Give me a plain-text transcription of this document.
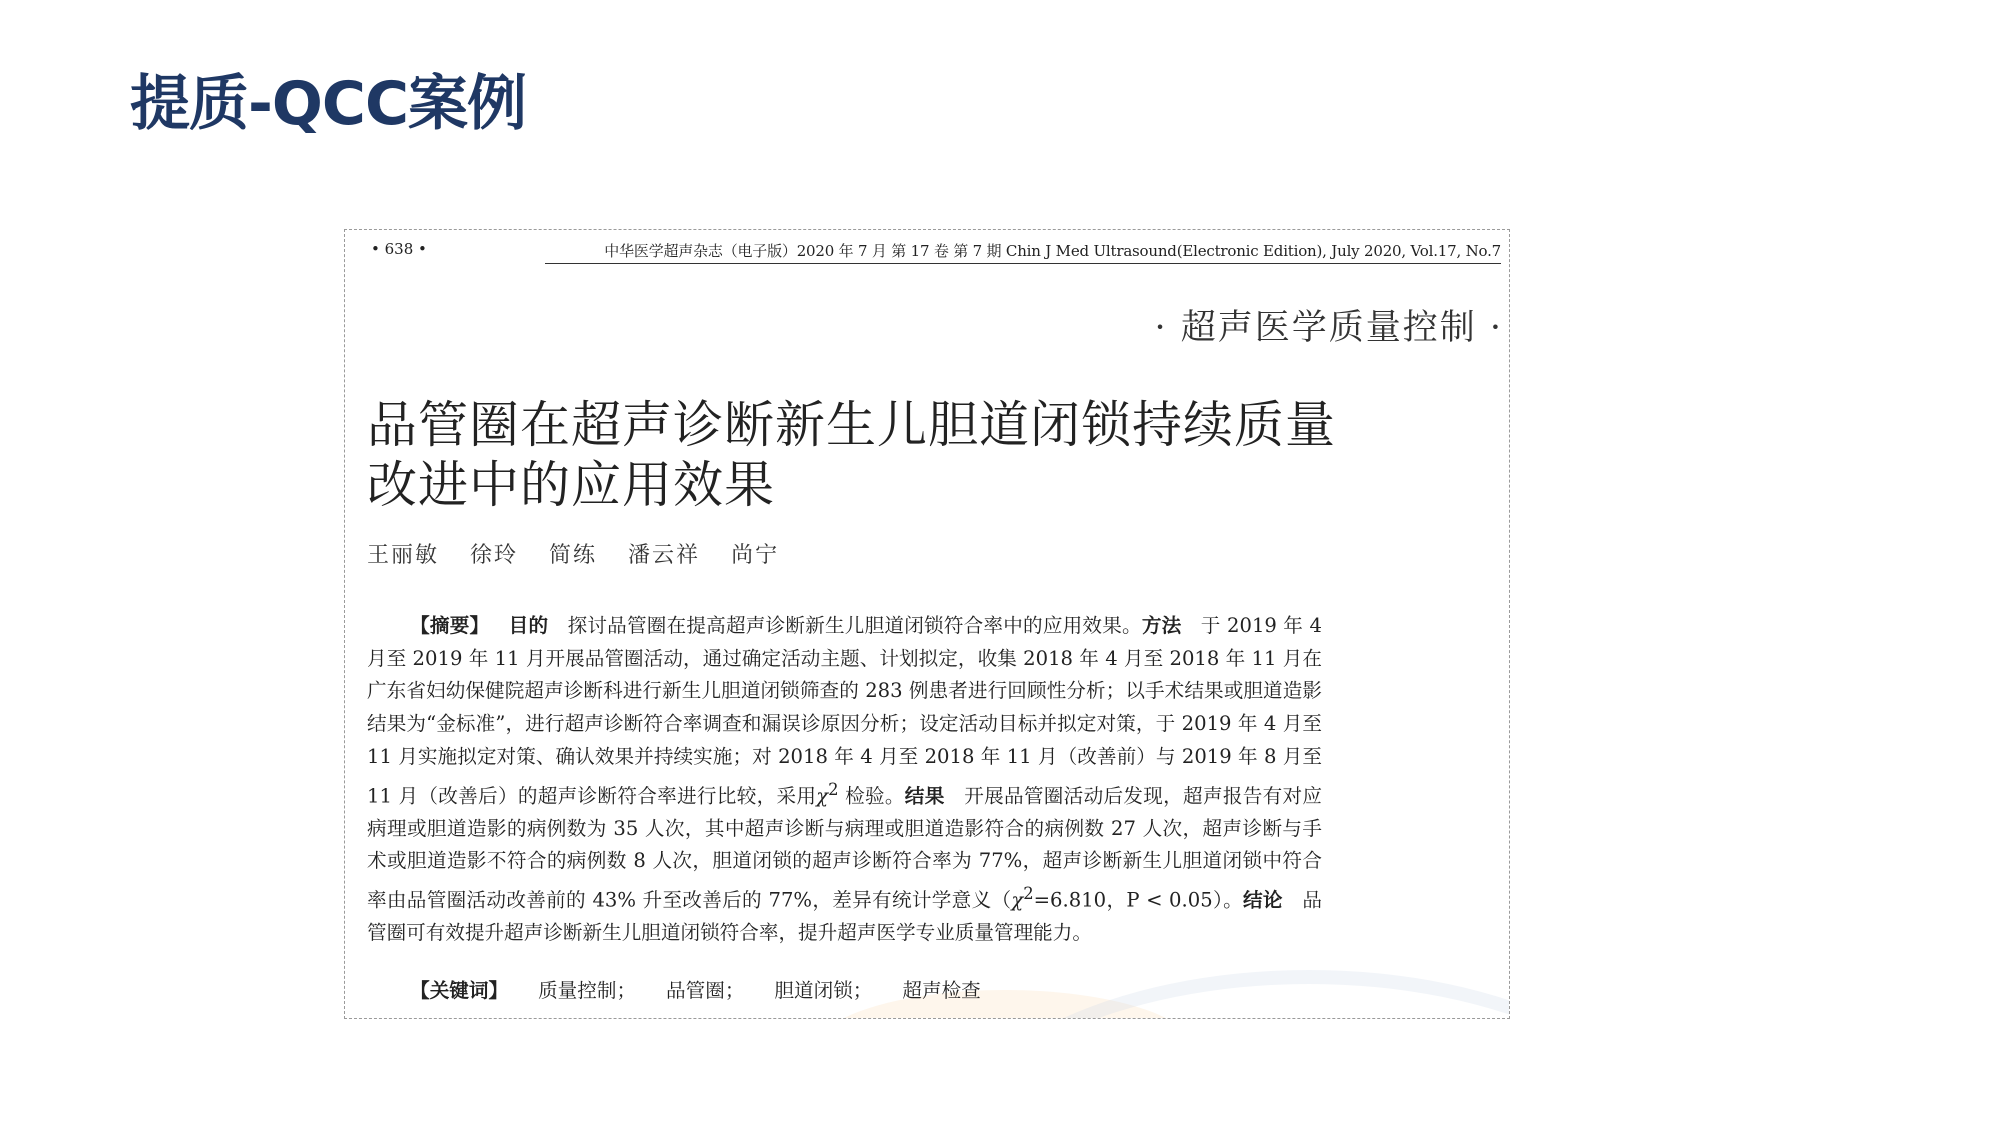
提质-QCC案例
• 638 •	中华医学超声杂志（电子版）2020 年 7 月 第 17 卷 第 7 期 Chin J Med Ultrasound(Electronic Edition), July 2020, Vol.17, No.7
· 超声医学质量控制 ·
品管圈在超声诊断新生儿胆道闭锁持续质量
改进中的应用效果
王丽敏 徐玲 简练 潘云祥 尚宁

【摘要】 目的 探讨品管圈在提高超声诊断新生儿胆道闭锁符合率中的应用效果。方法 于 2019 年 4 月至 2019 年 11 月开展品管圈活动，通过确定活动主题、计划拟定，收集 2018 年 4 月至 2018 年 11 月在广东省妇幼保健院超声诊断科进行新生儿胆道闭锁筛查的 283 例患者进行回顾性分析；以手术结果或胆道造影结果为“金标准”，进行超声诊断符合率调查和漏误诊原因分析；设定活动目标并拟定对策，于 2019 年 4 月至 11 月实施拟定对策、确认效果并持续实施；对 2018 年 4 月至 2018 年 11 月（改善前）与 2019 年 8 月至 11 月（改善后）的超声诊断符合率进行比较，采用$\chi^2$ 检验。结果 开展品管圈活动后发现，超声报告有对应病理或胆道造影的病例数为 35 人次，其中超声诊断与病理或胆道造影符合的病例数 27 人次，超声诊断与手术或胆道造影不符合的病例数 8 人次，胆道闭锁的超声诊断符合率为 77%，超声诊断新生儿胆道闭锁中符合率由品管圈活动改善前的 43% 升至改善后的 77%，差异有统计学意义（$\chi^2=6.810$，P < 0.05）。结论 品管圈可有效提升超声诊断新生儿胆道闭锁符合率，提升超声医学专业质量管理能力。

【关键词】 质量控制； 品管圈； 胆道闭锁； 超声检查
